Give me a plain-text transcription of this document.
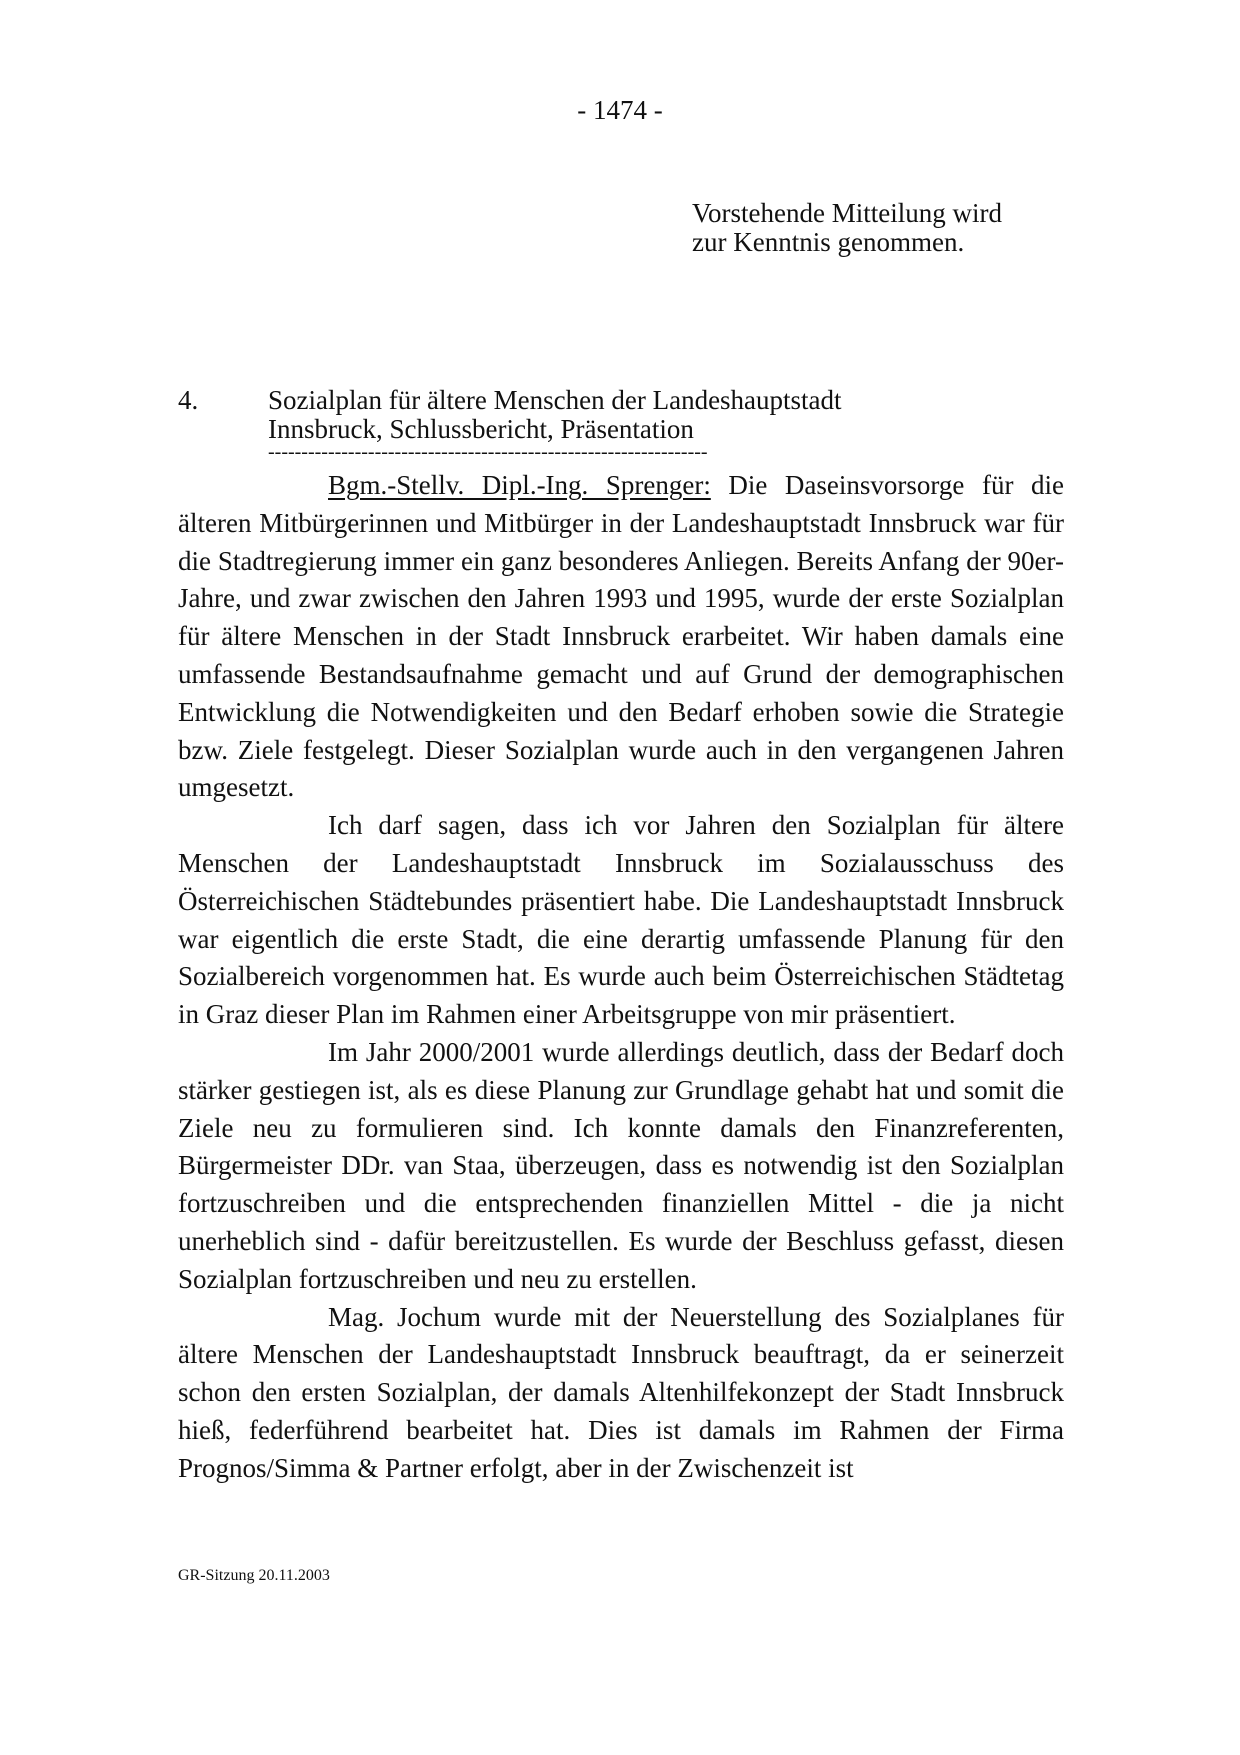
- 1474 -
Vorstehende Mitteilung wird
zur Kenntnis genommen.
4.	Sozialplan für ältere Menschen der Landeshauptstadt
Innsbruck, Schlussbericht, Präsentation
------------------------------------------------------------------

Bgm.-Stellv. Dipl.-Ing. Sprenger: Die Daseinsvorsorge für die älteren Mitbürgerinnen und Mitbürger in der Landeshauptstadt Innsbruck war für die Stadtregierung immer ein ganz besonderes Anliegen. Bereits Anfang der 90er-Jahre, und zwar zwischen den Jahren 1993 und 1995, wurde der erste Sozialplan für ältere Menschen in der Stadt Innsbruck erarbeitet. Wir haben damals eine umfassende Bestandsaufnahme gemacht und auf Grund der demographischen Entwicklung die Notwendigkeiten und den Bedarf erhoben sowie die Strategie bzw. Ziele festgelegt. Dieser Sozialplan wurde auch in den vergangenen Jahren umgesetzt.

Ich darf sagen, dass ich vor Jahren den Sozialplan für ältere Menschen der Landeshauptstadt Innsbruck im Sozialausschuss des Österreichischen Städtebundes präsentiert habe. Die Landeshauptstadt Innsbruck war eigentlich die erste Stadt, die eine derartig umfassende Planung für den Sozialbereich vorgenommen hat. Es wurde auch beim Österreichischen Städtetag in Graz dieser Plan im Rahmen einer Arbeitsgruppe von mir präsentiert.

Im Jahr 2000/2001 wurde allerdings deutlich, dass der Bedarf doch stärker gestiegen ist, als es diese Planung zur Grundlage gehabt hat und somit die Ziele neu zu formulieren sind. Ich konnte damals den Finanzreferenten, Bürgermeister DDr. van Staa, überzeugen, dass es notwendig ist den Sozialplan fortzuschreiben und die entsprechenden finanziellen Mittel - die ja nicht unerheblich sind - dafür bereitzustellen. Es wurde der Beschluss gefasst, diesen Sozialplan fortzuschreiben und neu zu erstellen.

Mag. Jochum wurde mit der Neuerstellung des Sozialplanes für ältere Menschen der Landeshauptstadt Innsbruck beauftragt, da er seinerzeit schon den ersten Sozialplan, der damals Altenhilfekonzept der Stadt Innsbruck hieß, federführend bearbeitet hat. Dies ist damals im Rahmen der Firma Prognos/Simma & Partner erfolgt, aber in der Zwischenzeit ist

GR-Sitzung 20.11.2003
